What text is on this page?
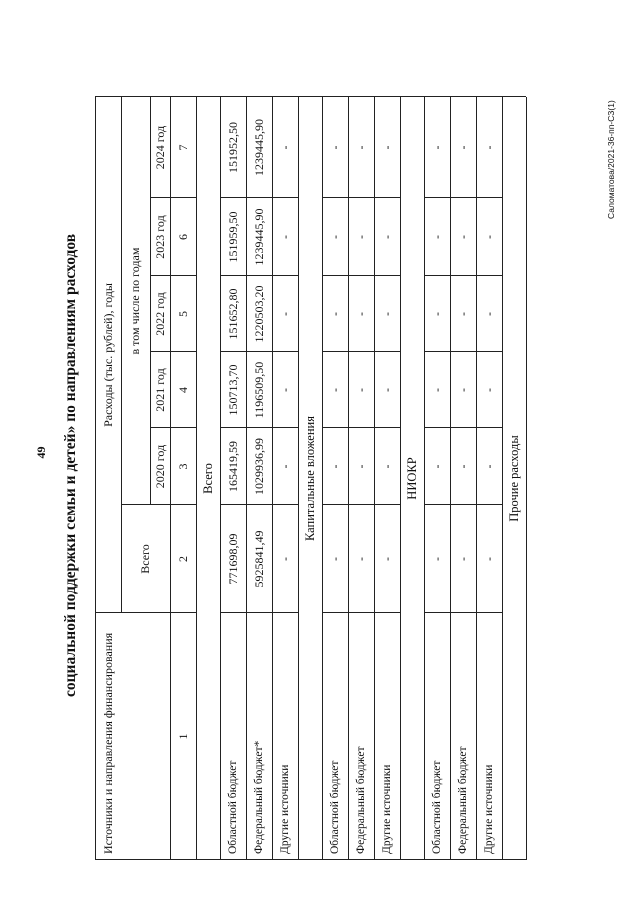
49 социальной поддержки семьи и детей» по направлениям расходов
Саломатова/2021-36-пп-СЗ(1)
Источники и направления финансирования
Расходы (тыс. рублей), годы
Всего
в том числе по годам
2020 год
2021 год
2022 год
2023 год
2024 год
1
2
3
4
5
6
7
Всего
Областной бюджет
771698,09
165419,59
150713,70
151652,80
151959,50
151952,50
Федеральный бюджет*
5925841,49
1029936,99
1196509,50
1220503,20
1239445,90
1239445,90
Другие источники
-
-
-
-
-
-
Капитальные вложения
Областной бюджет
-
-
-
-
-
-
Федеральный бюджет
-
-
-
-
-
-
Другие источники
-
-
-
-
-
-
НИОКР
Областной бюджет
-
-
-
-
-
-
Федеральный бюджет
-
-
-
-
-
-
Другие источники
-
-
-
-
-
-
Прочие расходы
